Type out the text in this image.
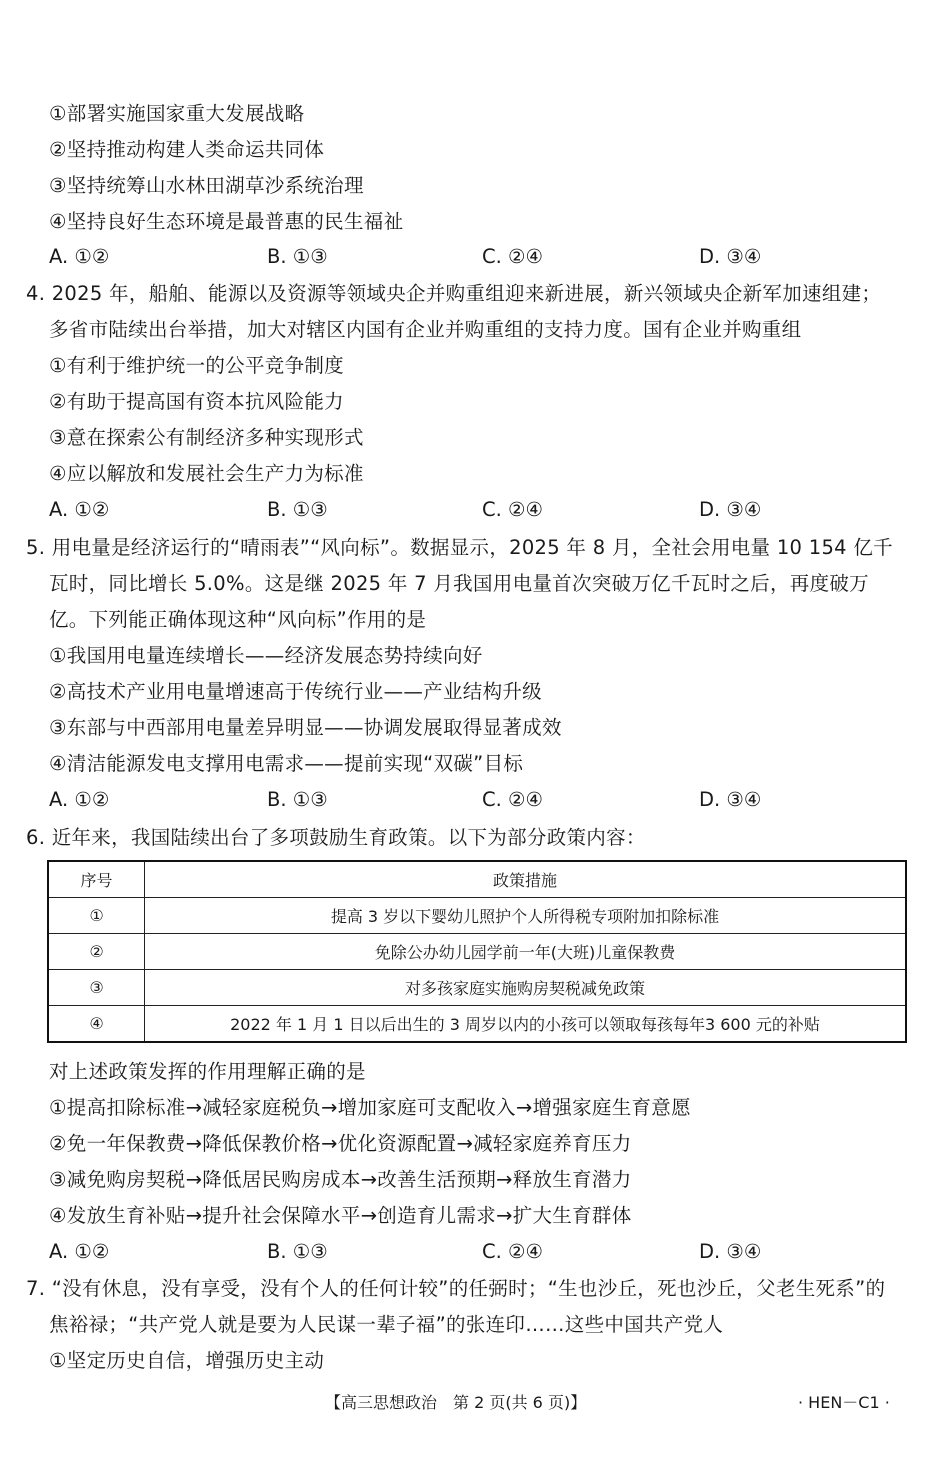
①部署实施国家重大发展战略
②坚持推动构建人类命运共同体
③坚持统筹山水林田湖草沙系统治理
④坚持良好生态环境是最普惠的民生福祉
A. ①②	B. ①③	C. ②④	D. ③④
4. 2025 年，船舶、能源以及资源等领域央企并购重组迎来新进展，新兴领域央企新军加速组建；
多省市陆续出台举措，加大对辖区内国有企业并购重组的支持力度。国有企业并购重组
①有利于维护统一的公平竞争制度
②有助于提高国有资本抗风险能力
③意在探索公有制经济多种实现形式
④应以解放和发展社会生产力为标准
A. ①②	B. ①③	C. ②④	D. ③④
5. 用电量是经济运行的“晴雨表”“风向标”。数据显示，2025 年 8 月，全社会用电量 10 154 亿千
瓦时，同比增长 5.0%。这是继 2025 年 7 月我国用电量首次突破万亿千瓦时之后，再度破万
亿。下列能正确体现这种“风向标”作用的是
①我国用电量连续增长——经济发展态势持续向好
②高技术产业用电量增速高于传统行业——产业结构升级
③东部与中西部用电量差异明显——协调发展取得显著成效
④清洁能源发电支撑用电需求——提前实现“双碳”目标
A. ①②	B. ①③	C. ②④	D. ③④
6. 近年来，我国陆续出台了多项鼓励生育政策。以下为部分政策内容：
序号	政策措施
①	提高 3 岁以下婴幼儿照护个人所得税专项附加扣除标准
②	免除公办幼儿园学前一年(大班)儿童保教费
③	对多孩家庭实施购房契税减免政策
④	2022 年 1 月 1 日以后出生的 3 周岁以内的小孩可以领取每孩每年3 600 元的补贴
对上述政策发挥的作用理解正确的是
①提高扣除标准→减轻家庭税负→增加家庭可支配收入→增强家庭生育意愿
②免一年保教费→降低保教价格→优化资源配置→减轻家庭养育压力
③减免购房契税→降低居民购房成本→改善生活预期→释放生育潜力
④发放生育补贴→提升社会保障水平→创造育儿需求→扩大生育群体
A. ①②	B. ①③	C. ②④	D. ③④
7. “没有休息，没有享受，没有个人的任何计较”的任弼时；“生也沙丘，死也沙丘，父老生死系”的
焦裕禄；“共产党人就是要为人民谋一辈子福”的张连印……这些中国共产党人
①坚定历史自信，增强历史主动
【高三思想政治　第 2 页(共 6 页)】	· HEN－C1 ·
